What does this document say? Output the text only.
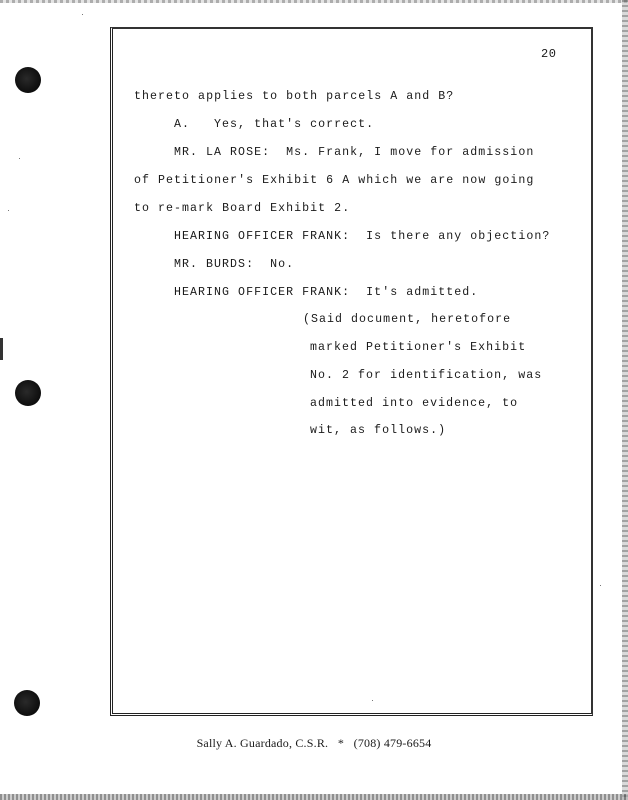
20
thereto applies to both parcels A and B?
A.   Yes, that's correct.
MR. LA ROSE:  Ms. Frank, I move for admission
of Petitioner's Exhibit 6 A which we are now going
to re-mark Board Exhibit 2.
HEARING OFFICER FRANK:  Is there any objection?
MR. BURDS:  No.
HEARING OFFICER FRANK:  It's admitted.
(Said document, heretofore
marked Petitioner's Exhibit
No. 2 for identification, was
admitted into evidence, to
wit, as follows.)
Sally A. Guardado, C.S.R.   *   (708) 479-6654
